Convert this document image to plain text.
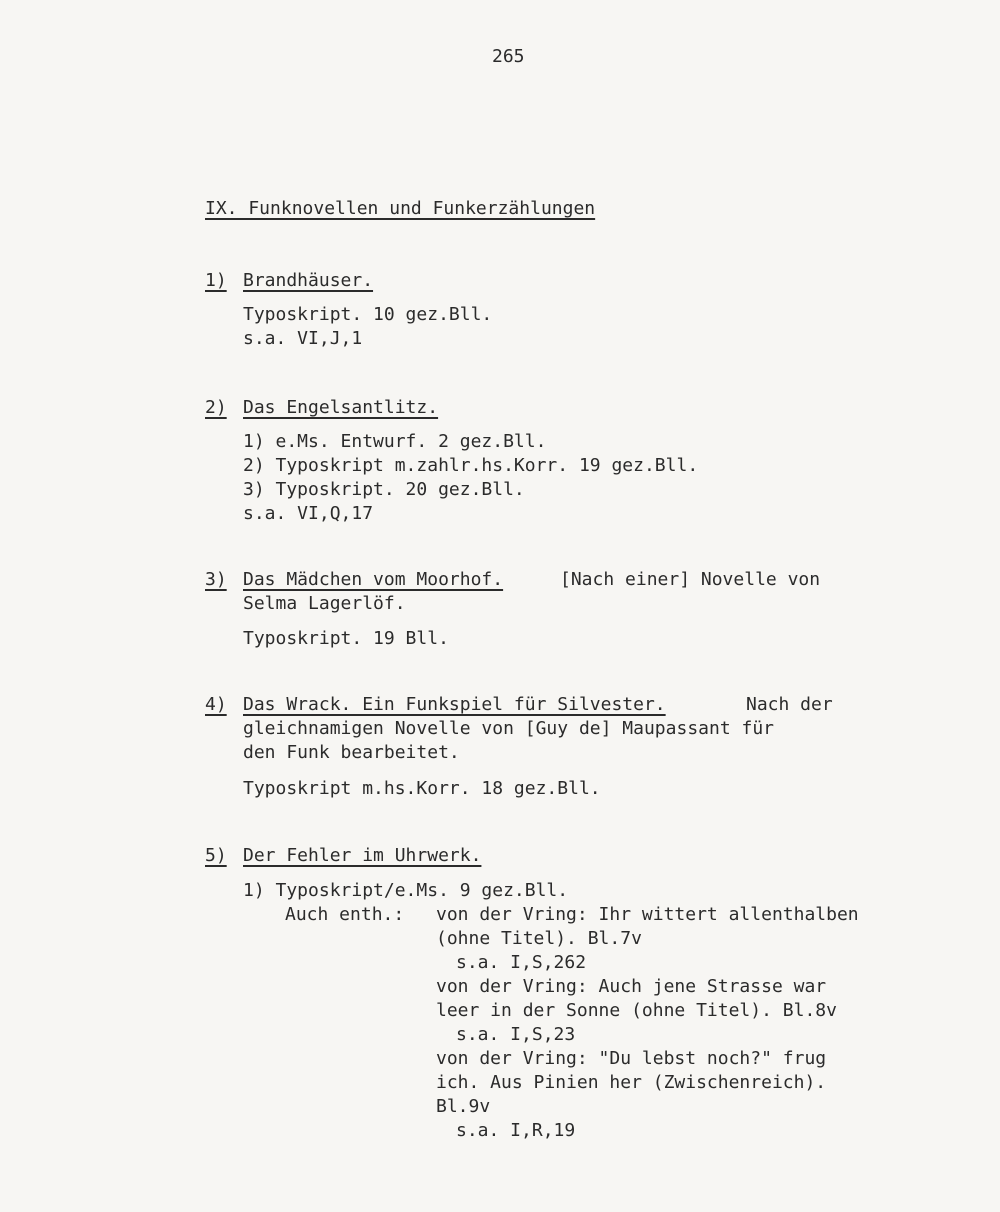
265
IX. Funknovellen und Funkerzählungen
1) Brandhäuser.
Typoskript. 10 gez.Bll.
s.a. VI,J,1
2) Das Engelsantlitz.
1) e.Ms. Entwurf. 2 gez.Bll.
2) Typoskript m.zahlr.hs.Korr. 19 gez.Bll.
3) Typoskript. 20 gez.Bll.
s.a. VI,Q,17
3) Das Mädchen vom Moorhof.	[Nach einer] Novelle von
Selma Lagerlöf.
Typoskript. 19 Bll.
4) Das Wrack. Ein Funkspiel für Silvester.	Nach der
gleichnamigen Novelle von [Guy de] Maupassant für
den Funk bearbeitet.
Typoskript m.hs.Korr. 18 gez.Bll.
5) Der Fehler im Uhrwerk.
1) Typoskript/e.Ms. 9 gez.Bll.
Auch enth.: von der Vring: Ihr wittert allenthalben
(ohne Titel). Bl.7v
s.a. I,S,262
von der Vring: Auch jene Strasse war
leer in der Sonne (ohne Titel). Bl.8v
s.a. I,S,23
von der Vring: "Du lebst noch?" frug
ich. Aus Pinien her (Zwischenreich).
Bl.9v
s.a. I,R,19
